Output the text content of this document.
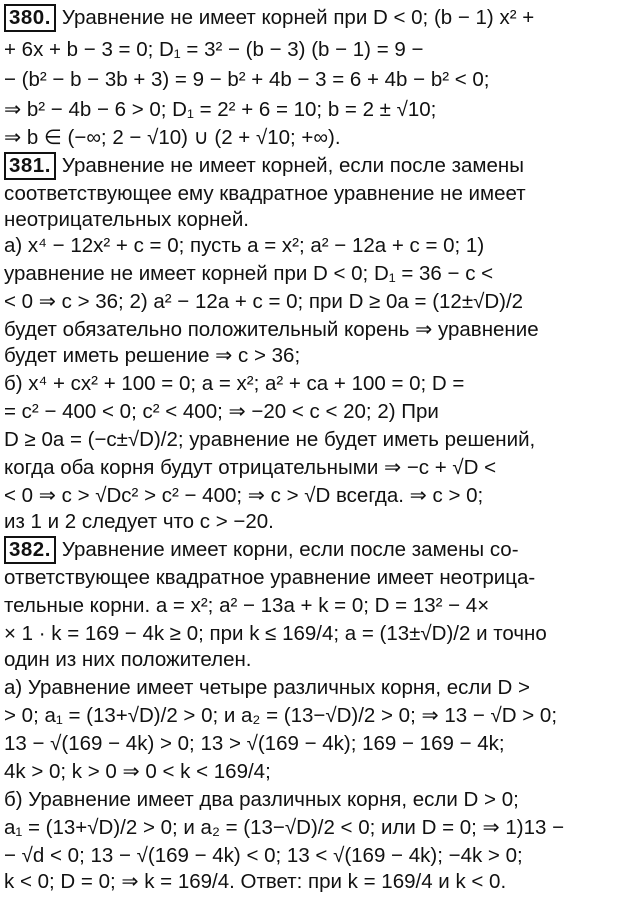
380. Уравнение не имеет корней при D < 0; (b − 1) x² +
+ 6x + b − 3 = 0; D₁ = 3² − (b − 3) (b − 1) = 9 −
− (b² − b − 3b + 3) = 9 − b² + 4b − 3 = 6 + 4b − b² < 0;
⇒ b² − 4b − 6 > 0; D₁ = 2² + 6 = 10; b = 2 ± √10;
⇒ b ∈ (−∞; 2 − √10) ∪ (2 + √10; +∞).
381. Уравнение не имеет корней, если после замены
соответствующее ему квадратное уравнение не имеет
неотрицательных корней.
а) x⁴ − 12x² + c = 0; пусть a = x²; a² − 12a + c = 0; 1)
уравнение не имеет корней при D < 0; D₁ = 36 − c <
< 0 ⇒ c > 36; 2) a² − 12a + c = 0; при D ≥ 0a = (12±√D)/2
будет обязательно положительный корень ⇒ уравнение
будет иметь решение ⇒ c > 36;
б) x⁴ + cx² + 100 = 0; a = x²; a² + ca + 100 = 0; D =
= c² − 400 < 0; c² < 400; ⇒ −20 < c < 20; 2) При
D ≥ 0a = (−c±√D)/2; уравнение не будет иметь решений,
когда оба корня будут отрицательными ⇒ −c + √D <
< 0 ⇒ c > √Dc² > c² − 400; ⇒ c > √D всегда. ⇒ c > 0;
из 1 и 2 следует что c > −20.
382. Уравнение имеет корни, если после замены со-
ответствующее квадратное уравнение имеет неотрица-
тельные корни. a = x²; a² − 13a + k = 0; D = 13² − 4×
× 1 · k = 169 − 4k ≥ 0; при k ≤ 169/4; a = (13±√D)/2 и точно
один из них положителен.
а) Уравнение имеет четыре различных корня, если D >
> 0; a₁ = (13+√D)/2 > 0; и a₂ = (13−√D)/2 > 0; ⇒ 13 − √D > 0;
13 − √(169 − 4k) > 0; 13 > √(169 − 4k); 169 − 169 − 4k;
4k > 0; k > 0 ⇒ 0 < k < 169/4;
б) Уравнение имеет два различных корня, если D > 0;
a₁ = (13+√D)/2 > 0; и a₂ = (13−√D)/2 < 0; или D = 0; ⇒ 1)13 −
− √d < 0; 13 − √(169 − 4k) < 0; 13 < √(169 − 4k); −4k > 0;
k < 0; D = 0; ⇒ k = 169/4. Ответ: при k = 169/4 и k < 0.
